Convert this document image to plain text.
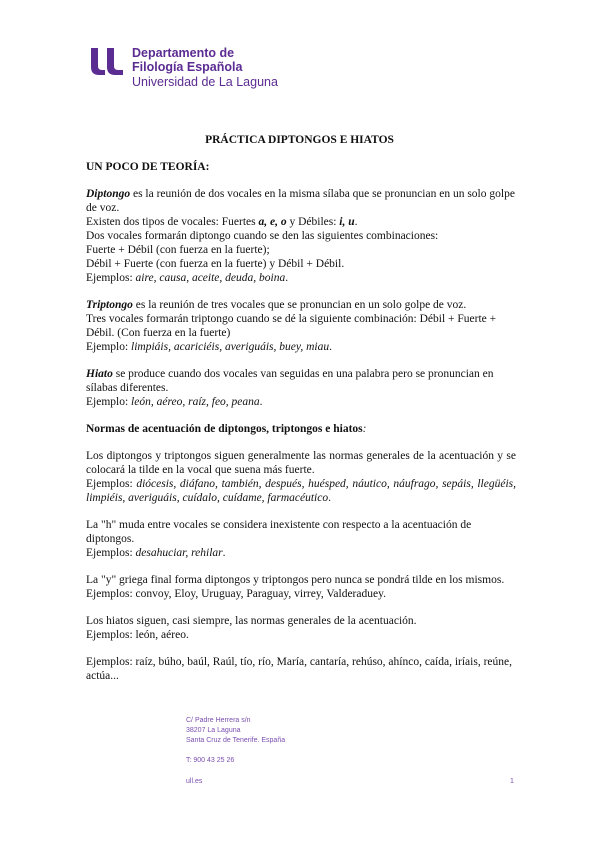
Departamento de
Filología Española
Universidad de La Laguna
PRÁCTICA DIPTONGOS E HIATOS

UN POCO DE TEORÍA:

Diptongo es la reunión de dos vocales en la misma sílaba que se pronuncian en un solo golpe de voz.

Existen dos tipos de vocales: Fuertes a, e, o y Débiles: i, u.

Dos vocales formarán diptongo cuando se den las siguientes combinaciones:

Fuerte + Débil (con fuerza en la fuerte);

Débil + Fuerte (con fuerza en la fuerte) y Débil + Débil.

Ejemplos: aire, causa, aceite, deuda, boina.

Triptongo es la reunión de tres vocales que se pronuncian en un solo golpe de voz.

Tres vocales formarán triptongo cuando se dé la siguiente combinación: Débil + Fuerte + Débil. (Con fuerza en la fuerte)

Ejemplo: limpiáis, acariciéis, averiguáis, buey, miau.

Hiato se produce cuando dos vocales van seguidas en una palabra pero se pronuncian en sílabas diferentes.

Ejemplo: león, aéreo, raíz, feo, peana.

Normas de acentuación de diptongos, triptongos e hiatos:

Los diptongos y triptongos siguen generalmente las normas generales de la acentuación y se colocará la tilde en la vocal que suena más fuerte.

Ejemplos: diócesis, diáfano, también, después, huésped, náutico, náufrago, sepáis, llegüéis, limpiéis, averiguáis, cuídalo, cuídame, farmacéutico.

La "h" muda entre vocales se considera inexistente con respecto a la acentuación de diptongos.

Ejemplos: desahuciar, rehilar.

La "y" griega final forma diptongos y triptongos pero nunca se pondrá tilde en los mismos.

Ejemplos: convoy, Eloy, Uruguay, Paraguay, virrey, Valderaduey.

Los hiatos siguen, casi siempre, las normas generales de la acentuación.

Ejemplos: león, aéreo.

Ejemplos: raíz, búho, baúl, Raúl, tío, río, María, cantaría, rehúso, ahínco, caída, iríais, reúne, actúa...

C/ Padre Herrera s/n
38207 La Laguna
Santa Cruz de Tenerife. España
T: 900 43 25 26
ull.es	1
